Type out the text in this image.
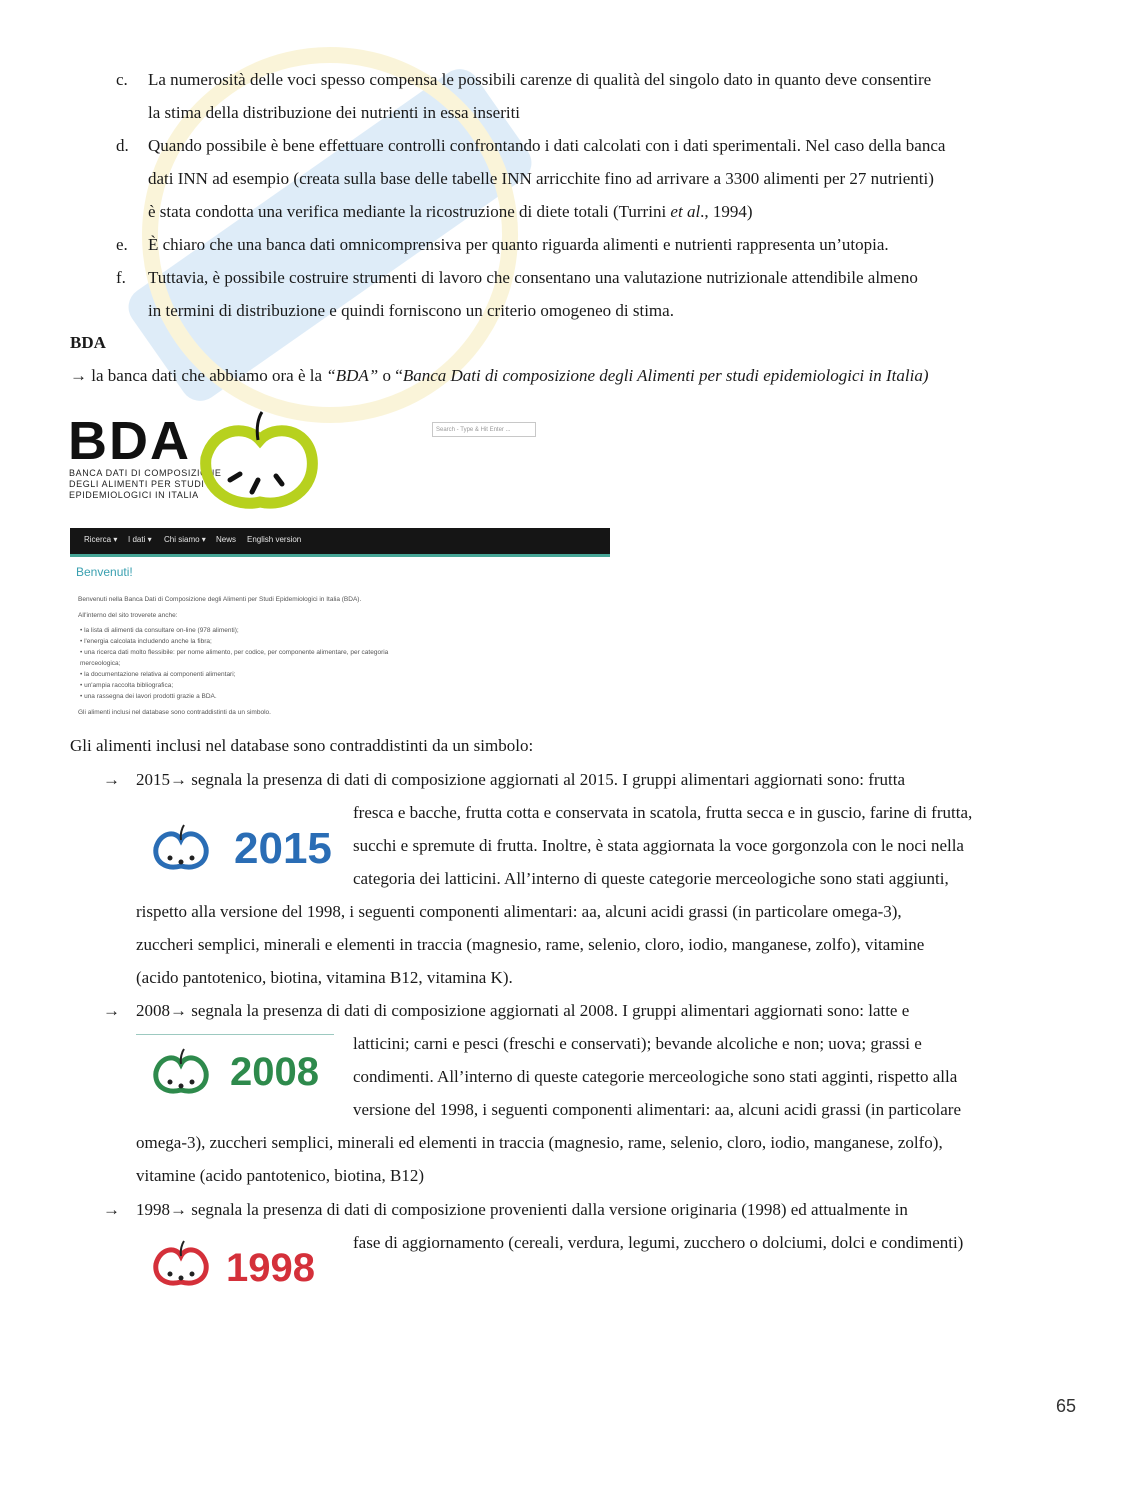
c. La numerosità delle voci spesso compensa le possibili carenze di qualità del singolo dato in quanto deve consentire
la stima della distribuzione dei nutrienti in essa inseriti
d. Quando possibile è bene effettuare controlli confrontando i dati calcolati con i dati sperimentali. Nel caso della banca
dati INN ad esempio (creata sulla base delle tabelle INN arricchite fino ad arrivare a 3300 alimenti per 27 nutrienti)
è stata condotta una verifica mediante la ricostruzione di diete totali (Turrini et al., 1994)
e. È chiaro che una banca dati omnicomprensiva per quanto riguarda alimenti e nutrienti rappresenta un’utopia.
f. Tuttavia, è possibile costruire strumenti di lavoro che consentano una valutazione nutrizionale attendibile almeno
in termini di distribuzione e quindi forniscono un criterio omogeneo di stima.
BDA
→ la banca dati che abbiamo ora è la “BDA” o “Banca Dati di composizione degli Alimenti per studi epidemiologici in Italia)
BDA
BANCA DATI DI COMPOSIZIONE
DEGLI ALIMENTI PER STUDI
EPIDEMIOLOGICI IN ITALIA
Search - Type & Hit Enter ...
Ricerca ▾ I dati ▾ Chi siamo ▾ News English version
Benvenuti!
Benvenuti nella Banca Dati di Composizione degli Alimenti per Studi Epidemiologici in Italia (BDA).
All'interno del sito troverete anche:
• la lista di alimenti da consultare on-line (978 alimenti);
• l'energia calcolata includendo anche la fibra;
• una ricerca dati molto flessibile: per nome alimento, per codice, per componente alimentare, per categoria
merceologica;
• la documentazione relativa ai componenti alimentari;
• un'ampia raccolta bibliografica;
• una rassegna dei lavori prodotti grazie a BDA.
Gli alimenti inclusi nel database sono contraddistinti da un simbolo.
Gli alimenti inclusi nel database sono contraddistinti da un simbolo:
→ 2015→ segnala la presenza di dati di composizione aggiornati al 2015. I gruppi alimentari aggiornati sono: frutta
2015
fresca e bacche, frutta cotta e conservata in scatola, frutta secca e in guscio, farine di frutta,
succhi e spremute di frutta. Inoltre, è stata aggiornata la voce gorgonzola con le noci nella
categoria dei latticini. All’interno di queste categorie merceologiche sono stati aggiunti,
rispetto alla versione del 1998, i seguenti componenti alimentari: aa, alcuni acidi grassi (in particolare omega-3),
zuccheri semplici, minerali e elementi in traccia (magnesio, rame, selenio, cloro, iodio, manganese, zolfo), vitamine
(acido pantotenico, biotina, vitamina B12, vitamina K).
→ 2008→ segnala la presenza di dati di composizione aggiornati al 2008. I gruppi alimentari aggiornati sono: latte e
2008
latticini; carni e pesci (freschi e conservati); bevande alcoliche e non; uova; grassi e
condimenti. All’interno di queste categorie merceologiche sono stati agginti, rispetto alla
versione del 1998, i seguenti componenti alimentari: aa, alcuni acidi grassi (in particolare
omega-3), zuccheri semplici, minerali ed elementi in traccia (magnesio, rame, selenio, cloro, iodio, manganese, zolfo),
vitamine (acido pantotenico, biotina, B12)
→ 1998→ segnala la presenza di dati di composizione provenienti dalla versione originaria (1998) ed attualmente in
1998
fase di aggiornamento (cereali, verdura, legumi, zucchero o dolciumi, dolci e condimenti)
65
